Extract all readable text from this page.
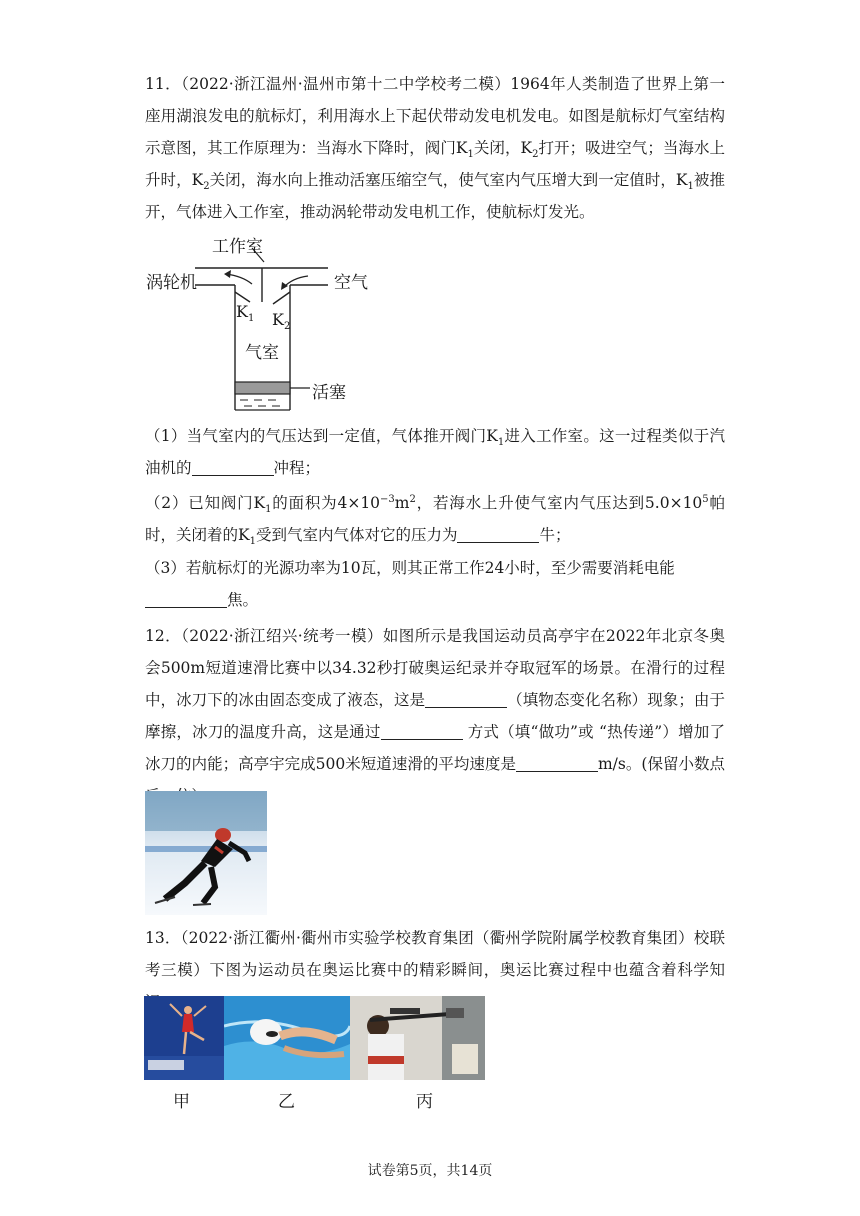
11．（2022·浙江温州·温州市第十二中学校考二模）1964年人类制造了世界上第一座用湖浪发电的航标灯，利用海水上下起伏带动发电机发电。如图是航标灯气室结构示意图，其工作原理为：当海水下降时，阀门$K_1$关闭，$K_2$打开；吸进空气；当海水上升时，$K_2$关闭，海水向上推动活塞压缩空气，使气室内气压增大到一定值时，$K_1$被推开，气体进入工作室，推动涡轮带动发电机工作，使航标灯发光。

工作室
涡轮机	空气
$K_1$ $K_2$
气室
活塞

（1）当气室内的气压达到一定值，气体推开阀门$K_1$进入工作室。这一过程类似于汽油机的	冲程；

（2）已知阀门$K_1$的面积为$4\times 10^{-3}m^2$，若海水上升使气室内气压达到$5.0\times 10^5$帕时，关闭着的$K_1$受到气室内气体对它的压力为	牛；

（3）若航标灯的光源功率为10瓦，则其正常工作24小时，至少需要消耗电能
焦。

12．（2022·浙江绍兴·统考一模）如图所示是我国运动员高亭宇在2022年北京冬奥会500m短道速滑比赛中以34.32秒打破奥运纪录并夺取冠军的场景。在滑行的过程中，冰刀下的冰由固态变成了液态，这是	（填物态变化名称）现象；由于摩擦，冰刀的温度升高，这是通过	方式（填“做功”或 “热传递”）增加了冰刀的内能；高亭宇完成500米短道速滑的平均速度是	m/s。(保留小数点

13．（2022·浙江衢州·衢州市实验学校教育集团（衢州学院附属学校教育集团）校联考三模）下图为运动员在奥运比赛中的精彩瞬间，奥运比赛过程中也蕴含着科学知

甲	乙	丙
试卷第5页，共14页
